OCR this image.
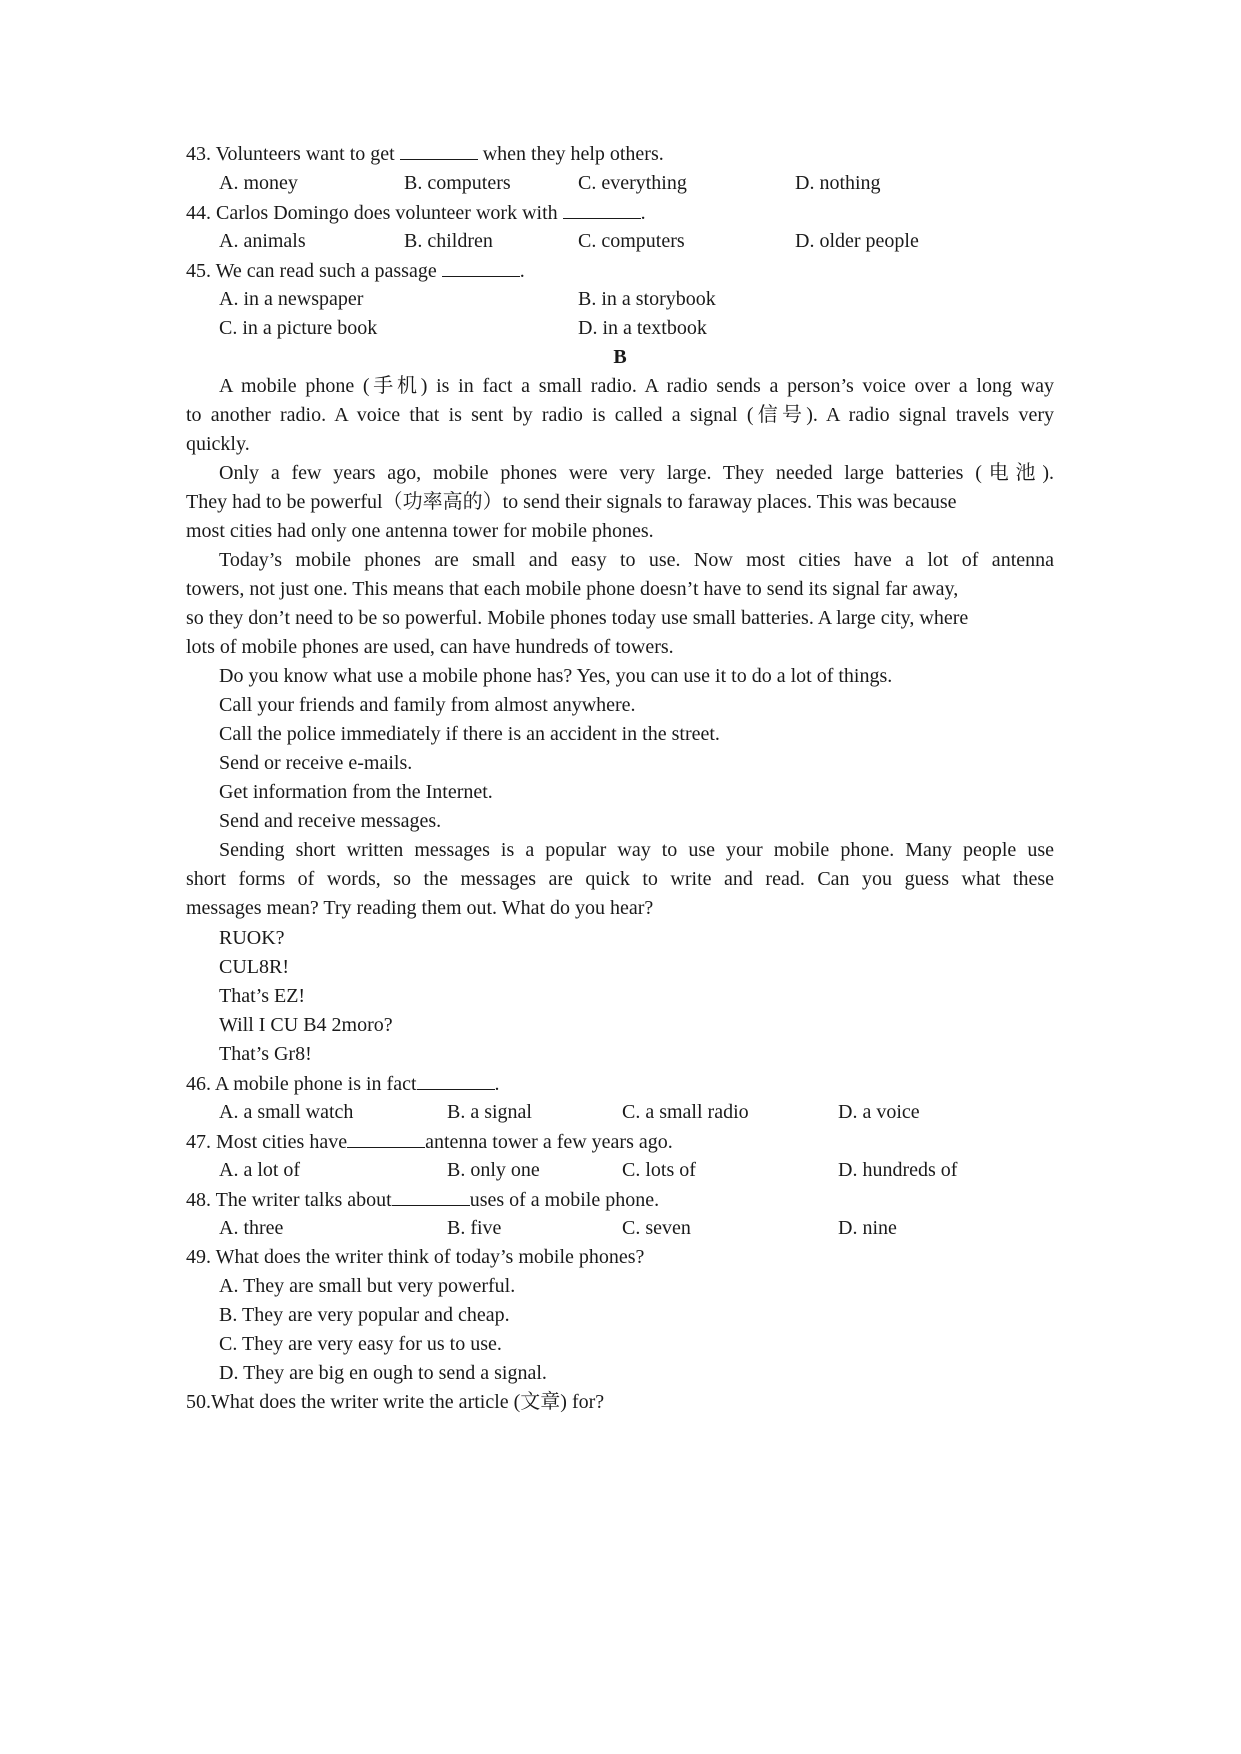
43. Volunteers want to get	when they help others.
A. money	B. computers	C. everything	D. nothing
44. Carlos Domingo does volunteer work with	.
A. animals	B. children	C. computers	D. older people
45. We can read such a passage	.
A. in a newspaper	B. in a storybook
C. in a picture book	D. in a textbook
B
A mobile phone (手机) is in fact a small radio. A radio sends a person’s voice over a long way
to another radio. A voice that is sent by radio is called a signal (信号). A radio signal travels very
quickly.
Only a few years ago, mobile phones were very large. They needed large batteries (电池).
They had to be powerful（功率高的）to send their signals to faraway places. This was because
most cities had only one antenna tower for mobile phones.
Today’s mobile phones are small and easy to use. Now most cities have a lot of antenna
towers, not just one. This means that each mobile phone doesn’t have to send its signal far away,
so they don’t need to be so powerful. Mobile phones today use small batteries. A large city, where
lots of mobile phones are used, can have hundreds of towers.
Do you know what use a mobile phone has? Yes, you can use it to do a lot of things.
Call your friends and family from almost anywhere.
Call the police immediately if there is an accident in the street.
Send or receive e-mails.
Get information from the Internet.
Send and receive messages.
Sending short written messages is a popular way to use your mobile phone. Many people use
short forms of words, so the messages are quick to write and read. Can you guess what these
messages mean? Try reading them out. What do you hear?
RUOK?
CUL8R!
That’s EZ!
Will I CU B4 2moro?
That’s Gr8!
46. A mobile phone is in fact	.
A. a small watch	B. a signal	C. a small radio	D. a voice
47. Most cities have	antenna tower a few years ago.
A. a lot of	B. only one	C. lots of	D. hundreds of
48. The writer talks about	uses of a mobile phone.
A. three	B. five	C. seven	D. nine
49. What does the writer think of today’s mobile phones?
A. They are small but very powerful.
B. They are very popular and cheap.
C. They are very easy for us to use.
D. They are big en ough to send a signal.
50.What does the writer write the article (文章) for?
